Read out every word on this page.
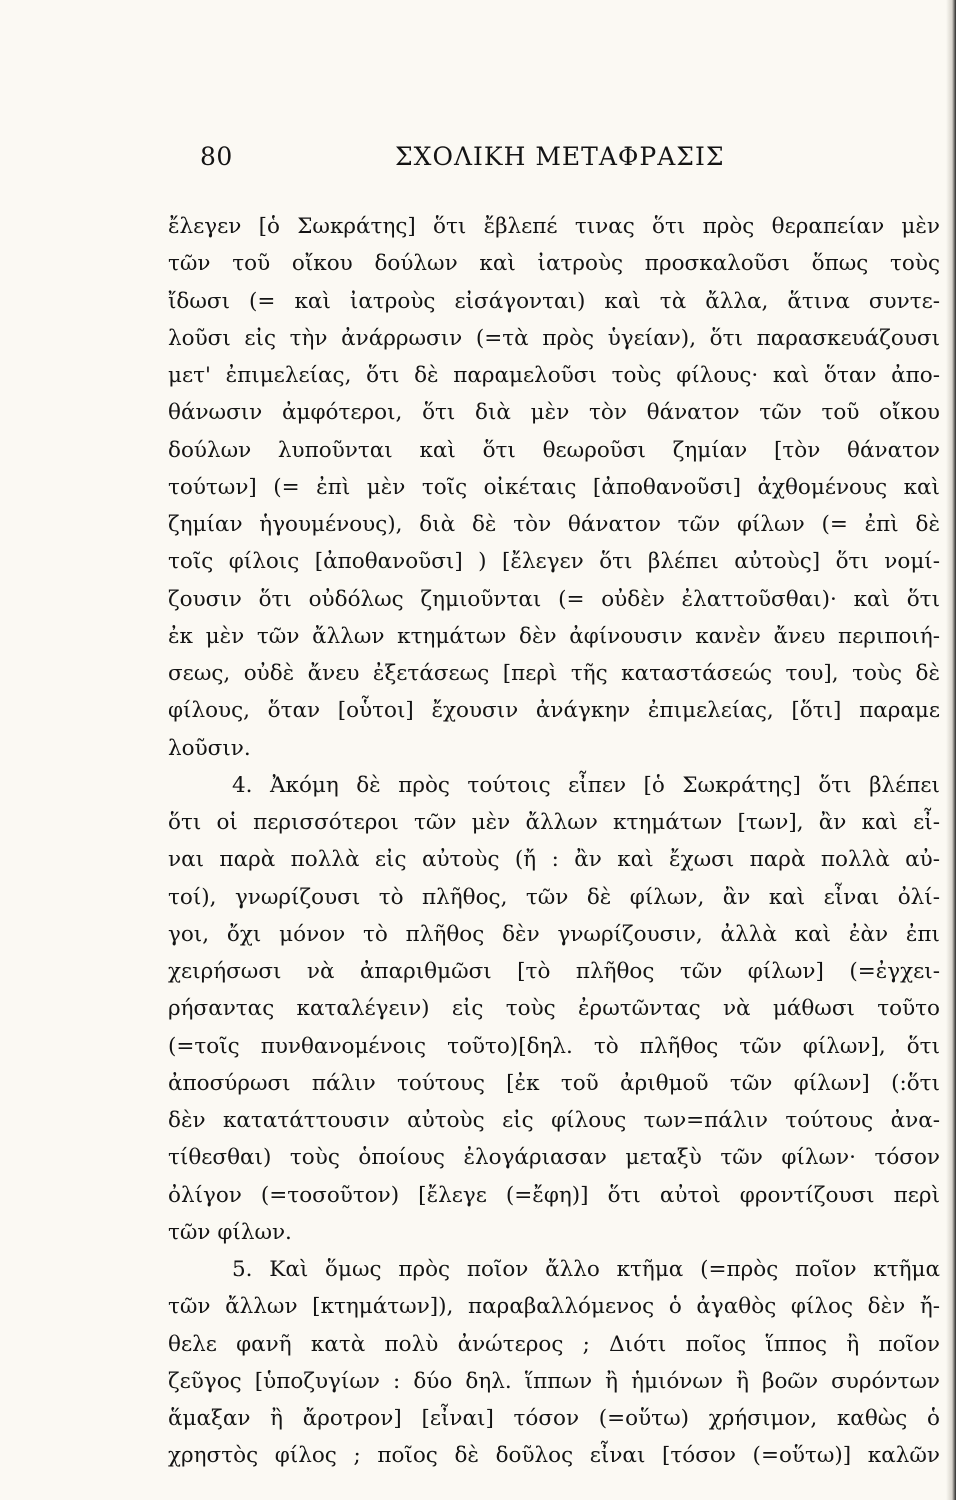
80	ΣΧΟΛΙΚΗ ΜΕΤΑΦΡΑΣΙΣ
ἔλεγεν [ὁ Σωκράτης] ὅτι ἔβλεπέ τινας ὅτι πρὸς θεραπείαν μὲν
τῶν τοῦ οἴκου δούλων καὶ ἰατροὺς προσκαλοῦσι ὅπως τοὺς
ἴδωσι (= καὶ ἰατροὺς εἰσάγονται) καὶ τὰ ἄλλα, ἅτινα συντε-
λοῦσι εἰς τὴν ἀνάρρωσιν (=τὰ πρὸς ὑγείαν), ὅτι παρασκευάζουσι
μετ' ἐπιμελείας, ὅτι δὲ παραμελοῦσι τοὺς φίλους· καὶ ὅταν ἀπο-
θάνωσιν ἀμφότεροι, ὅτι διὰ μὲν τὸν θάνατον τῶν τοῦ οἴκου
δούλων λυποῦνται καὶ ὅτι θεωροῦσι ζημίαν [τὸν θάνατον
τούτων] (= ἐπὶ μὲν τοῖς οἰκέταις [ἀποθανοῦσι] ἀχθομένους καὶ
ζημίαν ἡγουμένους), διὰ δὲ τὸν θάνατον τῶν φίλων (= ἐπὶ δὲ
τοῖς φίλοις [ἀποθανοῦσι] ) [ἔλεγεν ὅτι βλέπει αὐτοὺς] ὅτι νομί-
ζουσιν ὅτι οὐδόλως ζημιοῦνται (= οὐδὲν ἐλαττοῦσθαι)· καὶ ὅτι
ἐκ μὲν τῶν ἄλλων κτημάτων δὲν ἀφίνουσιν κανὲν ἄνευ περιποιή-
σεως, οὐδὲ ἄνευ ἐξετάσεως [περὶ τῆς καταστάσεώς του], τοὺς δὲ
φίλους, ὅταν [οὗτοι] ἔχουσιν ἀνάγκην ἐπιμελείας, [ὅτι] παραμε
λοῦσιν.
4. Ἀκόμη δὲ πρὸς τούτοις εἶπεν [ὁ Σωκράτης] ὅτι βλέπει
ὅτι οἱ περισσότεροι τῶν μὲν ἄλλων κτημάτων [των], ἂν καὶ εἶ-
ναι παρὰ πολλὰ εἰς αὐτοὺς (ἤ : ἂν καὶ ἔχωσι παρὰ πολλὰ αὐ-
τοί), γνωρίζουσι τὸ πλῆθος, τῶν δὲ φίλων, ἂν καὶ εἶναι ὀλί-
γοι, ὄχι μόνον τὸ πλῆθος δὲν γνωρίζουσιν, ἀλλὰ καὶ ἐὰν ἐπι
χειρήσωσι νὰ ἀπαριθμῶσι [τὸ πλῆθος τῶν φίλων] (=ἐγχει-
ρήσαντας καταλέγειν) εἰς τοὺς ἐρωτῶντας νὰ μάθωσι τοῦτο
(=τοῖς πυνθανομένοις τοῦτο)[δηλ. τὸ πλῆθος τῶν φίλων], ὅτι
ἀποσύρωσι πάλιν τούτους [ἐκ τοῦ ἀριθμοῦ τῶν φίλων] (:ὅτι
δὲν κατατάττουσιν αὐτοὺς εἰς φίλους των=πάλιν τούτους ἀνα-
τίθεσθαι) τοὺς ὁποίους ἐλογάριασαν μεταξὺ τῶν φίλων· τόσον
ὀλίγον (=τοσοῦτον) [ἔλεγε (=ἔφη)] ὅτι αὐτοὶ φροντίζουσι περὶ
τῶν φίλων.
5. Καὶ ὅμως πρὸς ποῖον ἄλλο κτῆμα (=πρὸς ποῖον κτῆμα
τῶν ἄλλων [κτημάτων]), παραβαλλόμενος ὁ ἀγαθὸς φίλος δὲν ἤ-
θελε φανῆ κατὰ πολὺ ἀνώτερος ; Διότι ποῖος ἵππος ἢ ποῖον
ζεῦγος [ὑποζυγίων : δύο δηλ. ἵππων ἢ ἡμιόνων ἢ βοῶν συρόντων
ἅμαξαν ἢ ἄροτρον] [εἶναι] τόσον (=οὕτω) χρήσιμον, καθὼς ὁ
χρηστὸς φίλος ; ποῖος δὲ δοῦλος εἶναι [τόσον (=οὕτω)] καλῶν
